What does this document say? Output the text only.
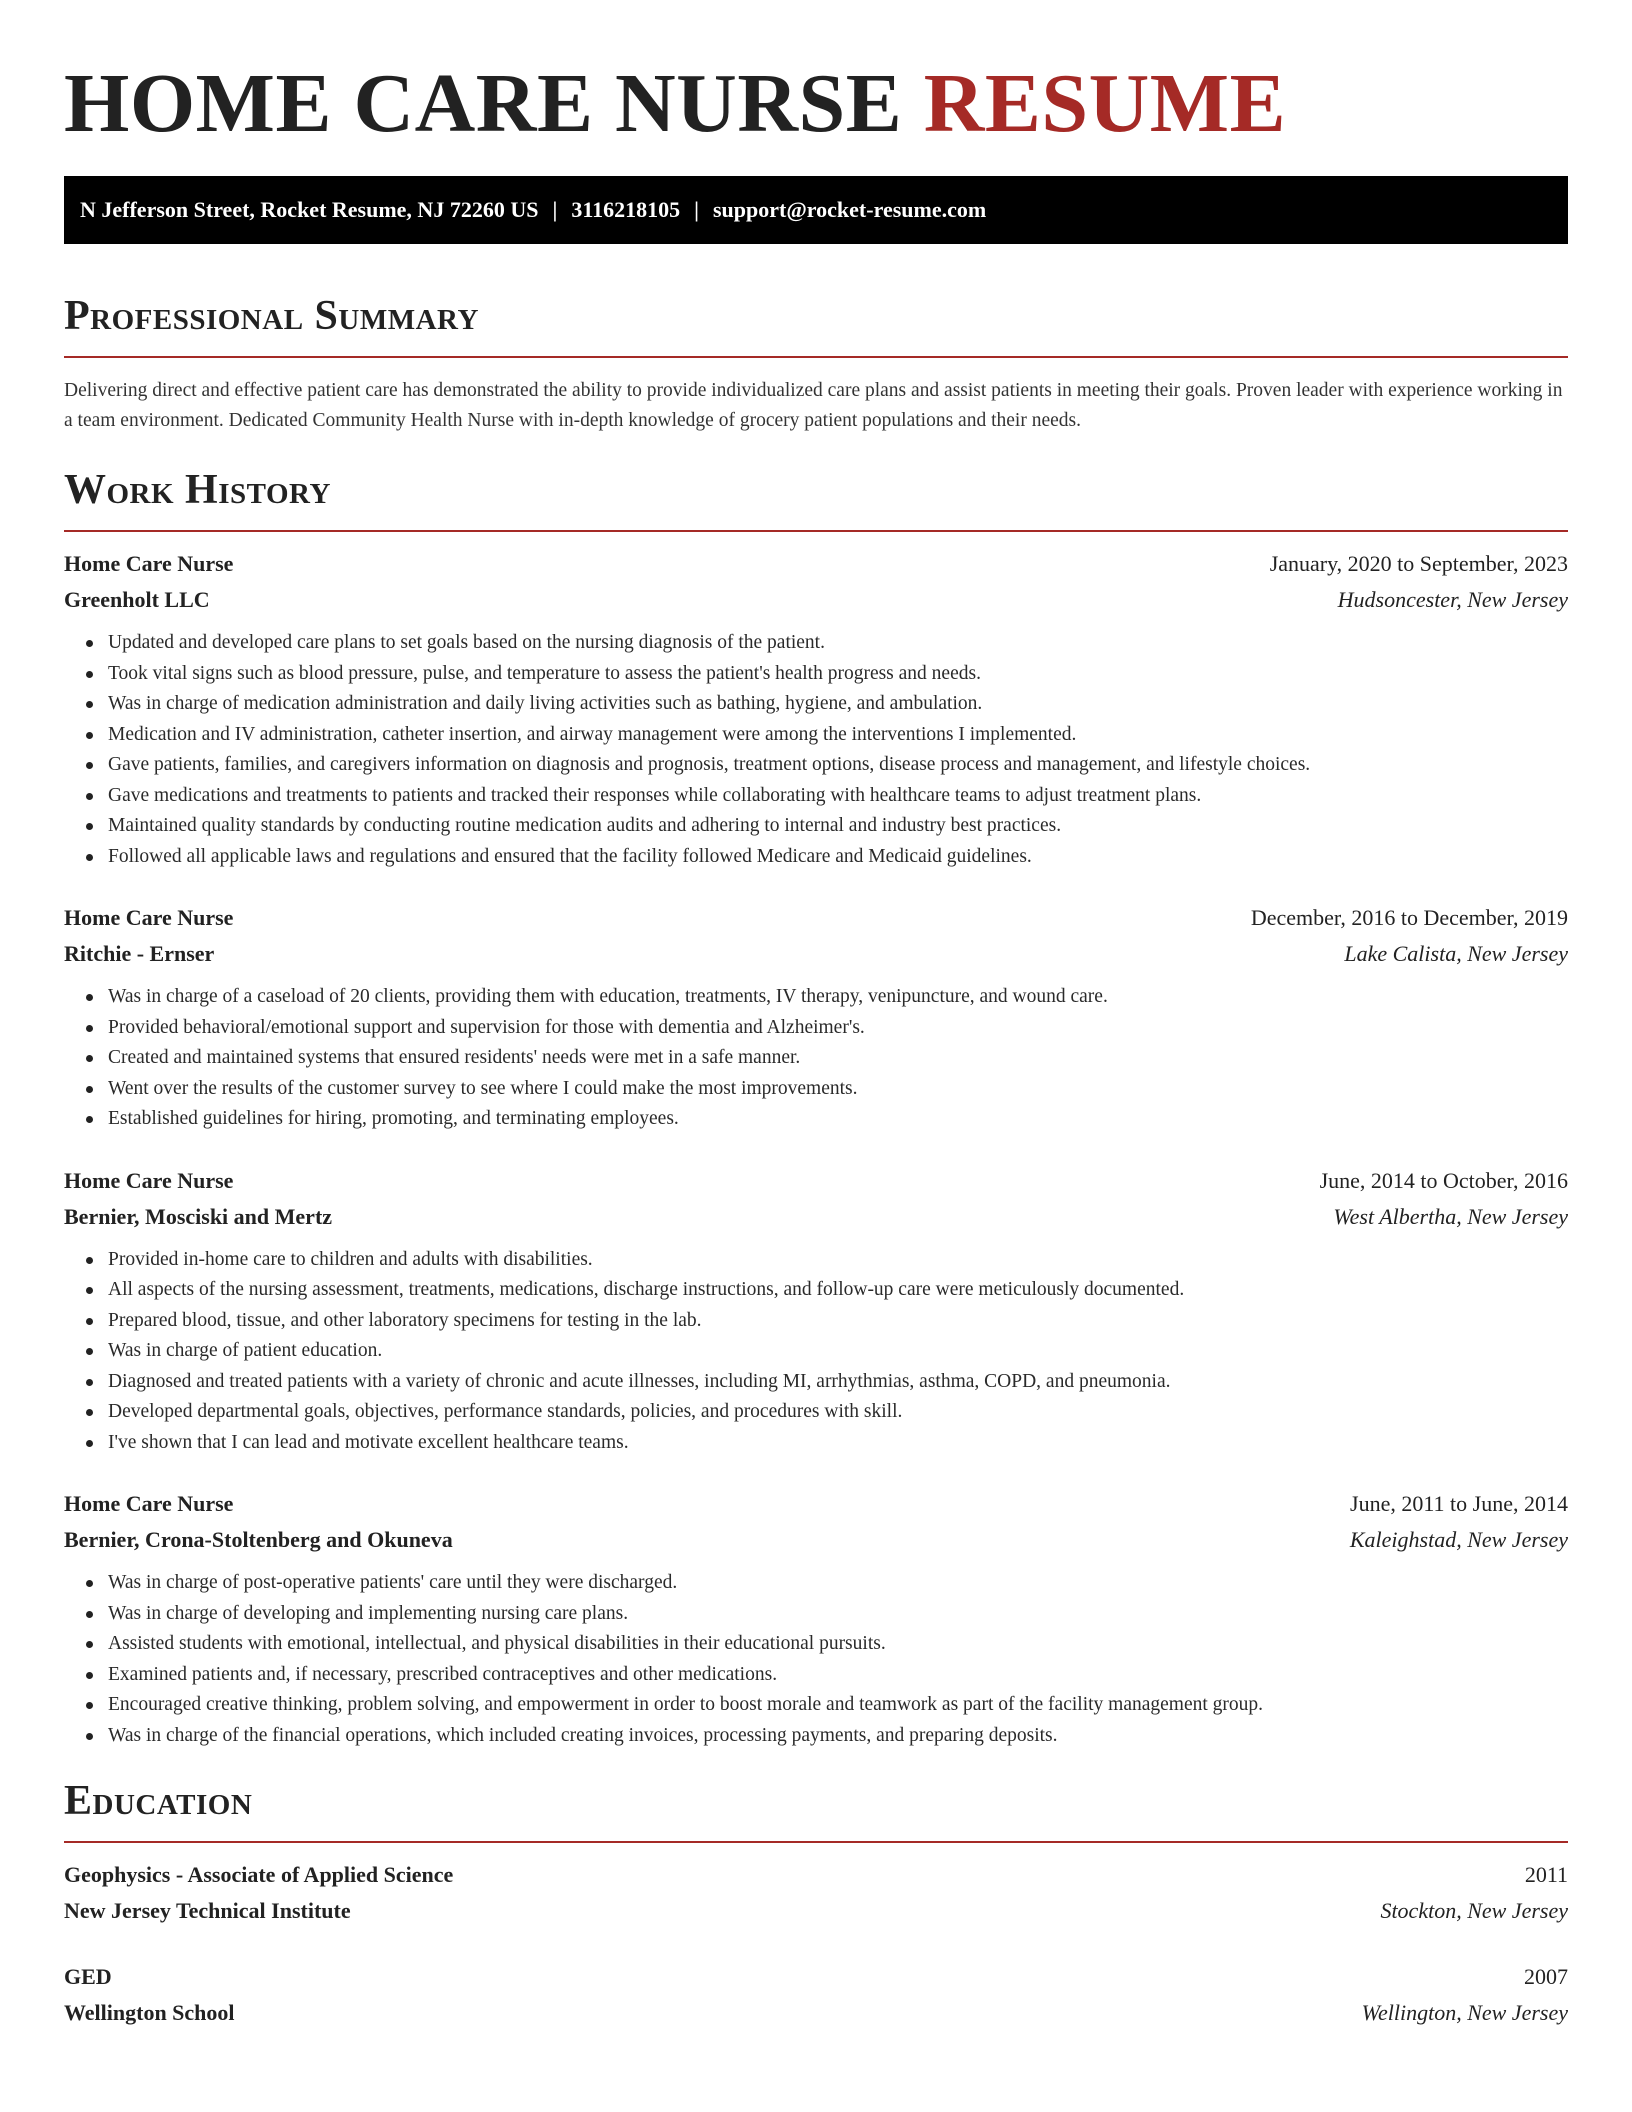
HOME CARE NURSE RESUME
N Jefferson Street, Rocket Resume, NJ 72260 US | 3116218105 | support@rocket-resume.com
Professional Summary

Delivering direct and effective patient care has demonstrated the ability to provide individualized care plans and assist patients in meeting their goals. Proven leader with experience working in a team environment. Dedicated Community Health Nurse with in-depth knowledge of grocery patient populations and their needs.

Work History
Home Care Nurse	January, 2020 to September, 2023
Greenholt LLC	Hudsoncester, New Jersey
Updated and developed care plans to set goals based on the nursing diagnosis of the patient.
Took vital signs such as blood pressure, pulse, and temperature to assess the patient's health progress and needs.
Was in charge of medication administration and daily living activities such as bathing, hygiene, and ambulation.
Medication and IV administration, catheter insertion, and airway management were among the interventions I implemented.
Gave patients, families, and caregivers information on diagnosis and prognosis, treatment options, disease process and management, and lifestyle choices.
Gave medications and treatments to patients and tracked their responses while collaborating with healthcare teams to adjust treatment plans.
Maintained quality standards by conducting routine medication audits and adhering to internal and industry best practices.
Followed all applicable laws and regulations and ensured that the facility followed Medicare and Medicaid guidelines.
Home Care Nurse	December, 2016 to December, 2019
Ritchie - Ernser	Lake Calista, New Jersey
Was in charge of a caseload of 20 clients, providing them with education, treatments, IV therapy, venipuncture, and wound care.
Provided behavioral/emotional support and supervision for those with dementia and Alzheimer's.
Created and maintained systems that ensured residents' needs were met in a safe manner.
Went over the results of the customer survey to see where I could make the most improvements.
Established guidelines for hiring, promoting, and terminating employees.
Home Care Nurse	June, 2014 to October, 2016
Bernier, Mosciski and Mertz	West Albertha, New Jersey
Provided in-home care to children and adults with disabilities.
All aspects of the nursing assessment, treatments, medications, discharge instructions, and follow-up care were meticulously documented.
Prepared blood, tissue, and other laboratory specimens for testing in the lab.
Was in charge of patient education.
Diagnosed and treated patients with a variety of chronic and acute illnesses, including MI, arrhythmias, asthma, COPD, and pneumonia.
Developed departmental goals, objectives, performance standards, policies, and procedures with skill.
I've shown that I can lead and motivate excellent healthcare teams.
Home Care Nurse	June, 2011 to June, 2014
Bernier, Crona-Stoltenberg and Okuneva	Kaleighstad, New Jersey
Was in charge of post-operative patients' care until they were discharged.
Was in charge of developing and implementing nursing care plans.
Assisted students with emotional, intellectual, and physical disabilities in their educational pursuits.
Examined patients and, if necessary, prescribed contraceptives and other medications.
Encouraged creative thinking, problem solving, and empowerment in order to boost morale and teamwork as part of the facility management group.
Was in charge of the financial operations, which included creating invoices, processing payments, and preparing deposits.
Education
Geophysics - Associate of Applied Science	2011
New Jersey Technical Institute	Stockton, New Jersey
GED	2007
Wellington School	Wellington, New Jersey
